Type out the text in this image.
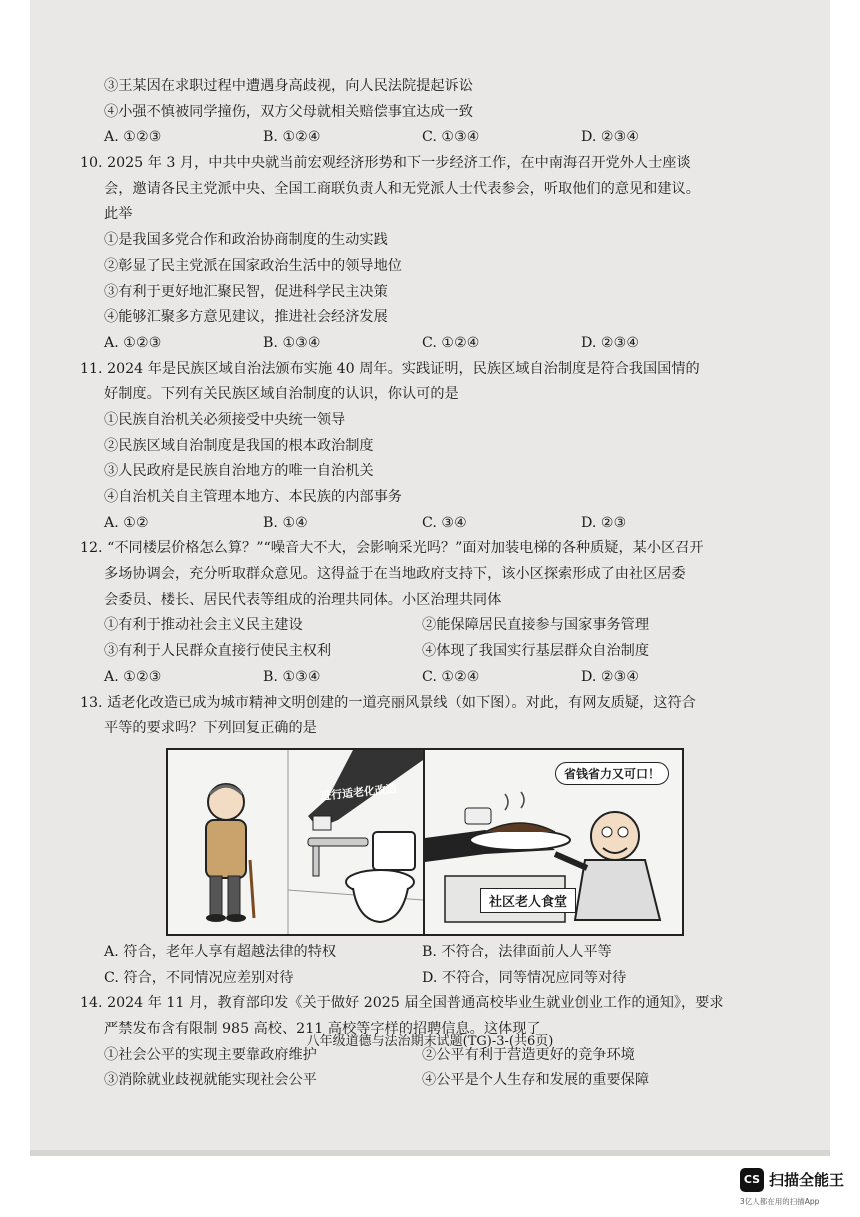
③王某因在求职过程中遭遇身高歧视，向人民法院提起诉讼
④小强不慎被同学撞伤，双方父母就相关赔偿事宜达成一致
A. ①②③	B. ①②④	C. ①③④	D. ②③④
10. 2025 年 3 月，中共中央就当前宏观经济形势和下一步经济工作，在中南海召开党外人士座谈
会，邀请各民主党派中央、全国工商联负责人和无党派人士代表参会，听取他们的意见和建议。
此举
①是我国多党合作和政治协商制度的生动实践
②彰显了民主党派在国家政治生活中的领导地位
③有利于更好地汇聚民智，促进科学民主决策
④能够汇聚多方意见建议，推进社会经济发展
A. ①②③	B. ①③④	C. ①②④	D. ②③④
11. 2024 年是民族区域自治法颁布实施 40 周年。实践证明，民族区域自治制度是符合我国国情的
好制度。下列有关民族区域自治制度的认识，你认可的是
①民族自治机关必须接受中央统一领导
②民族区域自治制度是我国的根本政治制度
③人民政府是民族自治地方的唯一自治机关
④自治机关自主管理本地方、本民族的内部事务
A. ①②	B. ①④	C. ③④	D. ②③
12. “不同楼层价格怎么算？”“噪音大不大，会影响采光吗？”面对加装电梯的各种质疑，某小区召开
多场协调会，充分听取群众意见。这得益于在当地政府支持下，该小区探索形成了由社区居委
会委员、楼长、居民代表等组成的治理共同体。小区治理共同体
①有利于推动社会主义民主建设	②能保障居民直接参与国家事务管理
③有利于人民群众直接行使民主权利	④体现了我国实行基层群众自治制度
A. ①②③	B. ①③④	C. ①②④	D. ②③④
13. 适老化改造已成为城市精神文明创建的一道亮丽风景线（如下图）。对此，有网友质疑，这符合
平等的要求吗？下列回复正确的是
进行适老化改造
省钱省力又可口！
社区老人食堂
A. 符合，老年人享有超越法律的特权	B. 不符合，法律面前人人平等
C. 符合，不同情况应差别对待	D. 不符合，同等情况应同等对待
14. 2024 年 11 月，教育部印发《关于做好 2025 届全国普通高校毕业生就业创业工作的通知》，要求
严禁发布含有限制 985 高校、211 高校等字样的招聘信息。这体现了
①社会公平的实现主要靠政府维护	②公平有利于营造更好的竞争环境
③消除就业歧视就能实现社会公平	④公平是个人生存和发展的重要保障
八年级道德与法治期末试题(TG)-3-(共6页)
CS 扫描全能王
3亿人都在用的扫描App
